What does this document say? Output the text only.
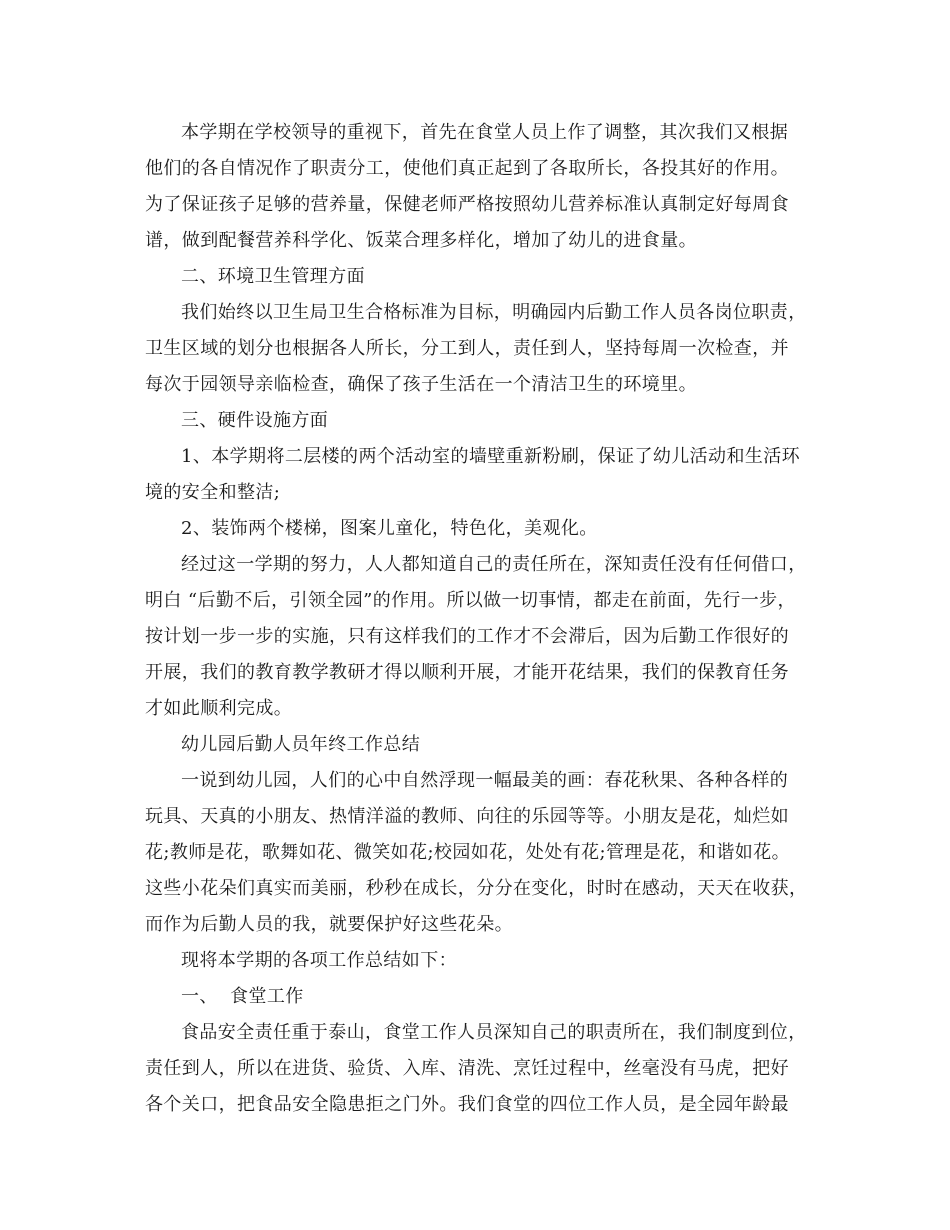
本学期在学校领导的重视下，首先在食堂人员上作了调整，其次我们又根据
他们的各自情况作了职责分工，使他们真正起到了各取所长，各投其好的作用。
为了保证孩子足够的营养量，保健老师严格按照幼儿营养标准认真制定好每周食
谱，做到配餐营养科学化、饭菜合理多样化，增加了幼儿的进食量。
二、环境卫生管理方面
我们始终以卫生局卫生合格标准为目标，明确园内后勤工作人员各岗位职责，
卫生区域的划分也根据各人所长，分工到人，责任到人，坚持每周一次检查，并
每次于园领导亲临检查，确保了孩子生活在一个清洁卫生的环境里。
三、硬件设施方面
1、本学期将二层楼的两个活动室的墙壁重新粉刷，保证了幼儿活动和生活环
境的安全和整洁;
2、装饰两个楼梯，图案儿童化，特色化，美观化。
经过这一学期的努力，人人都知道自己的责任所在，深知责任没有任何借口，
明白 “后勤不后，引领全园”的作用。所以做一切事情，都走在前面，先行一步，
按计划一步一步的实施，只有这样我们的工作才不会滞后，因为后勤工作很好的
开展，我们的教育教学教研才得以顺利开展，才能开花结果，我们的保教育任务
才如此顺利完成。
幼儿园后勤人员年终工作总结
一说到幼儿园，人们的心中自然浮现一幅最美的画：春花秋果、各种各样的
玩具、天真的小朋友、热情洋溢的教师、向往的乐园等等。小朋友是花，灿烂如
花;教师是花，歌舞如花、微笑如花;校园如花，处处有花;管理是花，和谐如花。
这些小花朵们真实而美丽，秒秒在成长，分分在变化，时时在感动，天天在收获，
而作为后勤人员的我，就要保护好这些花朵。
现将本学期的各项工作总结如下：
一、  食堂工作
食品安全责任重于泰山，食堂工作人员深知自己的职责所在，我们制度到位，
责任到人，所以在进货、验货、入库、清洗、烹饪过程中，丝毫没有马虎，把好
各个关口，把食品安全隐患拒之门外。我们食堂的四位工作人员，是全园年龄最
